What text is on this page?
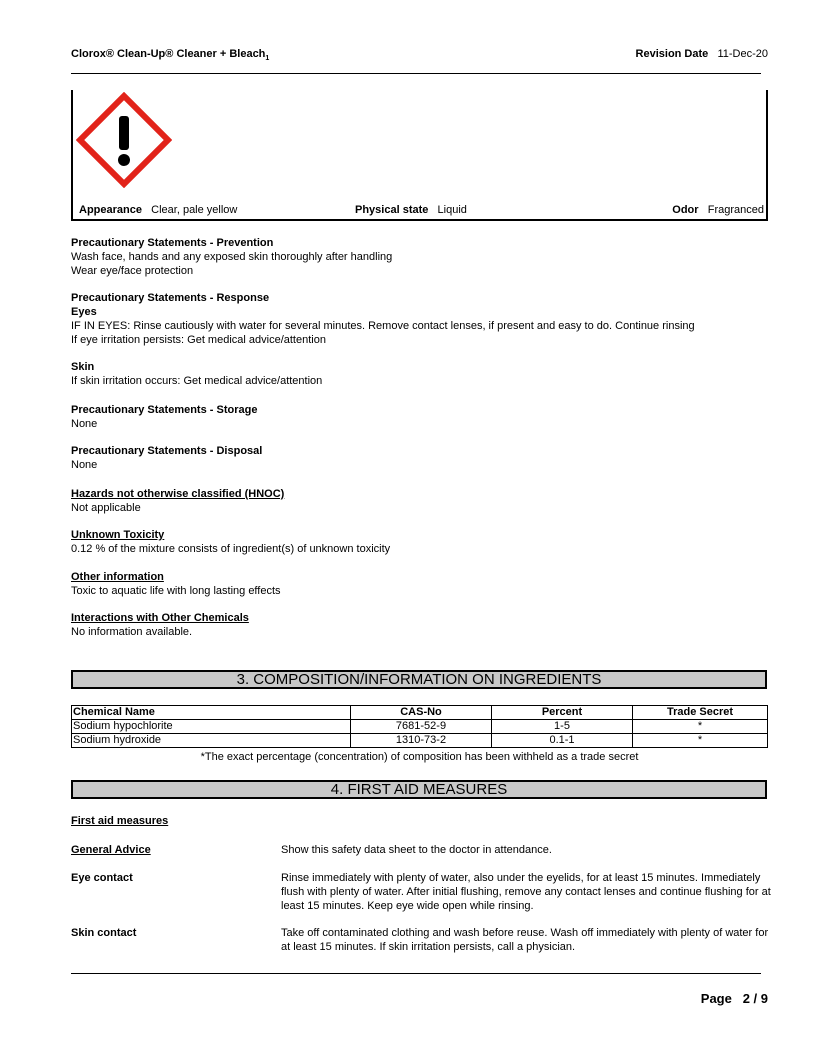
Clorox® Clean-Up® Cleaner + Bleach$_1$	Revision Date 11-Dec-20
Appearance Clear, pale yellow	Physical state Liquid	Odor Fragranced
Precautionary Statements - Prevention
Wash face, hands and any exposed skin thoroughly after handling
Wear eye/face protection
Precautionary Statements - Response
Eyes
IF IN EYES: Rinse cautiously with water for several minutes. Remove contact lenses, if present and easy to do. Continue rinsing
If eye irritation persists: Get medical advice/attention
Skin
If skin irritation occurs: Get medical advice/attention
Precautionary Statements - Storage
None
Precautionary Statements - Disposal
None
Hazards not otherwise classified (HNOC)
Not applicable
Unknown Toxicity
0.12 % of the mixture consists of ingredient(s) of unknown toxicity
Other information
Toxic to aquatic life with long lasting effects
Interactions with Other Chemicals
No information available.
3. COMPOSITION/INFORMATION ON INGREDIENTS
Chemical Name	CAS-No	Percent	Trade Secret
Sodium hypochlorite	7681-52-9	1-5	*
Sodium hydroxide	1310-73-2	0.1-1	*
*The exact percentage (concentration) of composition has been withheld as a trade secret
4. FIRST AID MEASURES
First aid measures
General Advice	Show this safety data sheet to the doctor in attendance.
Eye contact	Rinse immediately with plenty of water, also under the eyelids, for at least 15 minutes. Immediately flush with plenty of water. After initial flushing, remove any contact lenses and continue flushing for at least 15 minutes. Keep eye wide open while rinsing.
Skin contact	Take off contaminated clothing and wash before reuse. Wash off immediately with plenty of water for at least 15 minutes. If skin irritation persists, call a physician.
Page 2 / 9
